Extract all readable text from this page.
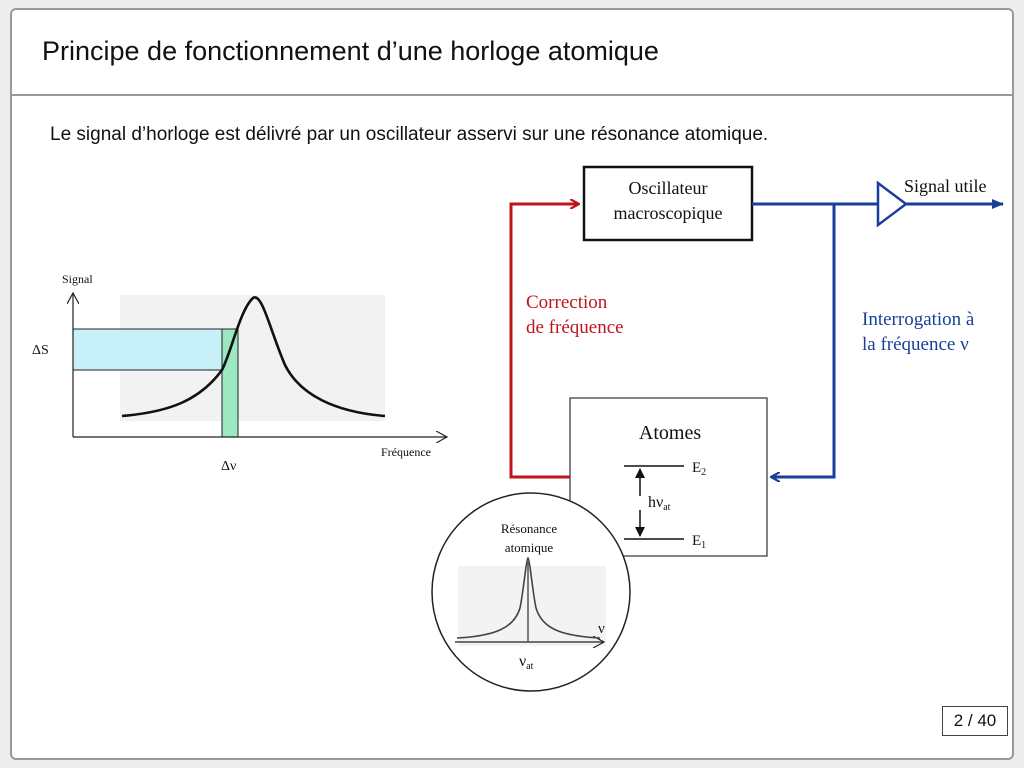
Principe de fonctionnement d’une horloge atomique
Le signal d’horloge est délivré par un oscillateur asservi sur une résonance atomique.
2 / 40
Signal
Fréquence
ΔS
Δν
Oscillateur
macroscopique
Signal utile
Correction
de fréquence	Interrogation à
la fréquence ν
Atomes
$E_2$
$E_1$
hνat
Résonance
atomique
ν
νat
